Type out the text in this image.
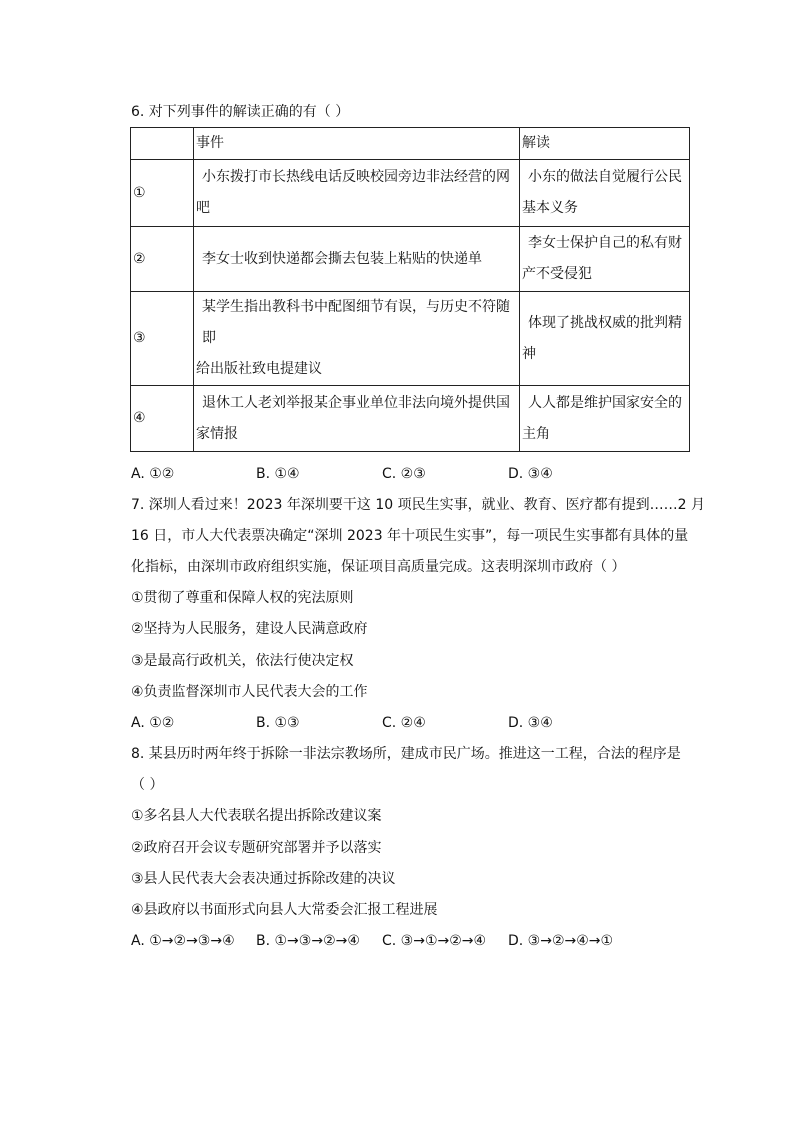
6. 对下列事件的解读正确的有（ ）

	事件	解读

①	小东拨打市长热线电话反映校园旁边非法经营的网
吧	小东的做法自觉履行公民
基本义务

②	李女士收到快递都会撕去包装上粘贴的快递单	李女士保护自己的私有财
产不受侵犯

③	某学生指出教科书中配图细节有误，与历史不符随即
给出版社致电提建议	体现了挑战权威的批判精
神

④	退休工人老刘举报某企事业单位非法向境外提供国
家情报	人人都是维护国家安全的
主角
A. ①②	B. ①④	C. ②③	D. ③④
7. 深圳人看过来！2023 年深圳要干这 10 项民生实事，就业、教育、医疗都有提到……2 月
16 日，市人大代表票决确定“深圳 2023 年十项民生实事”，每一项民生实事都有具体的量
化指标，由深圳市政府组织实施，保证项目高质量完成。这表明深圳市政府（ ）
①贯彻了尊重和保障人权的宪法原则
②坚持为人民服务，建设人民满意政府
③是最高行政机关，依法行使决定权
④负责监督深圳市人民代表大会的工作
A. ①②	B. ①③	C. ②④	D. ③④
8. 某县历时两年终于拆除一非法宗教场所，建成市民广场。推进这一工程，合法的程序是
（ ）
①多名县人大代表联名提出拆除改建议案
②政府召开会议专题研究部署并予以落实
③县人民代表大会表决通过拆除改建的决议
④县政府以书面形式向县人大常委会汇报工程进展
A. ①→②→③→④ B. ①→③→②→④ C. ③→①→②→④ D. ③→②→④→①
